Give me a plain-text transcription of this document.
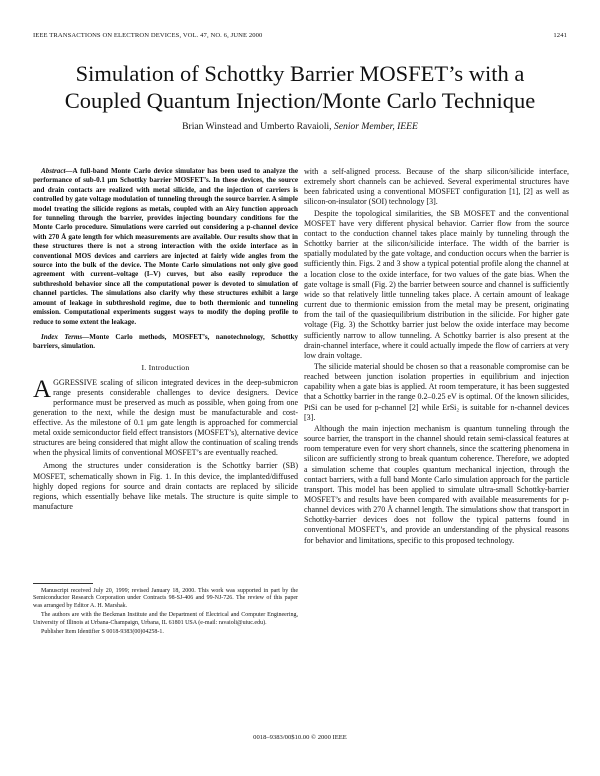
IEEE TRANSACTIONS ON ELECTRON DEVICES, VOL. 47, NO. 6, JUNE 2000	1241
Simulation of Schottky Barrier MOSFET’s with a
Coupled Quantum Injection/Monte Carlo Technique
Brian Winstead and Umberto Ravaioli, Senior Member, IEEE

Abstract—A full-band Monte Carlo device simulator has been used to analyze the performance of sub-0.1 μm Schottky barrier MOSFET’s. In these devices, the source and drain contacts are realized with metal silicide, and the injection of carriers is controlled by gate voltage modulation of tunneling through the source barrier. A simple model treating the silicide regions as metals, coupled with an Airy function approach for tunneling through the barrier, provides injecting boundary conditions for the Monte Carlo procedure. Simulations were carried out considering a p-channel device with 270 Å gate length for which measurements are available. Our results show that in these structures there is not a strong interaction with the oxide interface as in conventional MOS devices and carriers are injected at fairly wide angles from the source into the bulk of the device. The Monte Carlo simulations not only give good agreement with current–voltage (I–V) curves, but also easily reproduce the subthreshold behavior since all the computational power is devoted to simulation of channel particles. The simulations also clarify why these structures exhibit a large amount of leakage in subthreshold regime, due to both thermionic and tunneling emission. Computational experiments suggest ways to modify the doping profile to reduce to some extent the leakage.

Index Terms—Monte Carlo methods, MOSFET’s, nanotechnology, Schottky barriers, simulation.

I. Introduction

AGGRESSIVE scaling of silicon integrated devices in the deep-submicron range presents considerable challenges to device designers. Device performance must be preserved as much as possible, when going from one generation to the next, while the design must be manufacturable and cost-effective. As the milestone of 0.1 μm gate length is approached for commercial metal oxide semiconductor field effect transistors (MOSFET’s), alternative device structures are being considered that might allow the continuation of scaling trends when the physical limits of conventional MOSFET’s are eventually reached.

Among the structures under consideration is the Schottky barrier (SB) MOSFET, schematically shown in Fig. 1. In this device, the implanted/diffused highly doped regions for source and drain contacts are replaced by silicide regions, which essentially behave like metals. The structure is quite simple to manufacture

with a self-aligned process. Because of the sharp silicon/silicide interface, extremely short channels can be achieved. Several experimental structures have been fabricated using a conventional MOSFET configuration [1], [2] as well as silicon-on-insulator (SOI) technology [3].

Despite the topological similarities, the SB MOSFET and the conventional MOSFET have very different physical behavior. Carrier flow from the source contact to the conduction channel takes place mainly by tunneling through the Schottky barrier at the silicon/silicide interface. The width of the barrier is spatially modulated by the gate voltage, and conduction occurs when the barrier is sufficiently thin. Figs. 2 and 3 show a typical potential profile along the channel at a location close to the oxide interface, for two values of the gate bias. When the gate voltage is small (Fig. 2) the barrier between source and channel is sufficiently wide so that relatively little tunneling takes place. A certain amount of leakage current due to thermionic emission from the metal may be present, originating from the tail of the quasiequilibrium distribution in the silicide. For higher gate voltage (Fig. 3) the Schottky barrier just below the oxide interface may become sufficiently narrow to allow tunneling. A Schottky barrier is also present at the drain-channel interface, where it could actually impede the flow of carriers at very low drain voltage.

The silicide material should be chosen so that a reasonable compromise can be reached between junction isolation properties in equilibrium and injection capability when a gate bias is applied. At room temperature, it has been suggested that a Schottky barrier in the range 0.2–0.25 eV is optimal. Of the known silicides, PtSi can be used for p-channel [2] while ErSi₂ is suitable for n-channel devices [3].

Although the main injection mechanism is quantum tunneling through the source barrier, the transport in the channel should retain semi-classical features at room temperature even for very short channels, since the scattering phenomena in silicon are sufficiently strong to break quantum coherence. Therefore, we adopted a simulation scheme that couples quantum mechanical injection, through the contact barriers, with a full band Monte Carlo simulation approach for the particle transport. This model has been applied to simulate ultra-small Schottky-barrier MOSFET’s and results have been compared with available measurements for p-channel devices with 270 Å channel length. The simulations show that transport in Schottky-barrier devices does not follow the typical patterns found in conventional MOSFET’s, and provide an understanding of the physical reasons for behavior and limitations, specific to this proposed technology.

Manuscript received July 20, 1999; revised January 18, 2000. This work was supported in part by the Semiconductor Research Corporation under Contracts 98-SJ-406 and 99-NJ-726. The review of this paper was arranged by Editor A. H. Marshak.

The authors are with the Beckman Institute and the Department of Electrical and Computer Engineering, University of Illinois at Urbana-Champaign, Urbana, IL 61801 USA (e-mail: ravaioli@uiuc.edu).

Publisher Item Identifier S 0018-9383(00)04258-1.

0018–9383/00$10.00 © 2000 IEEE
